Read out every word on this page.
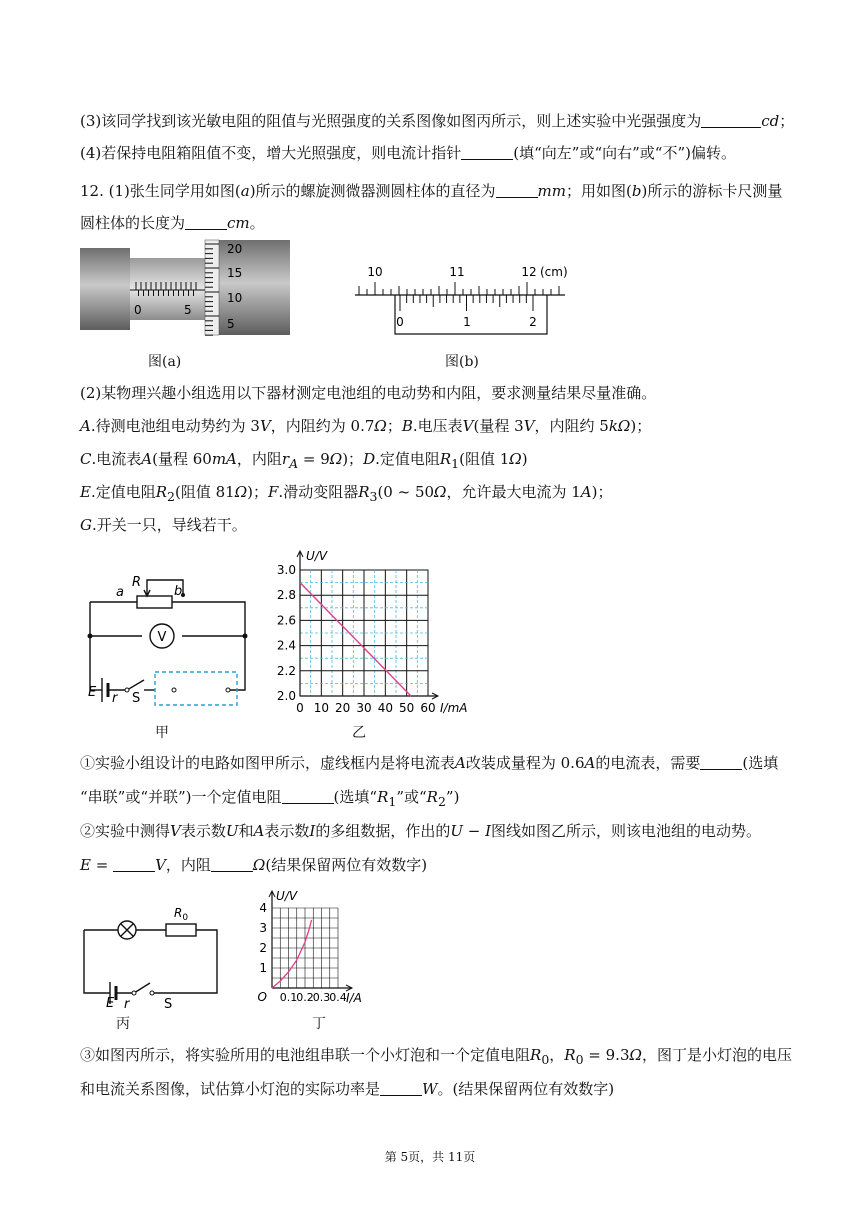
(3)该同学找到该光敏电阻的阻值与光照强度的关系图像如图丙所示，则上述实验中光强强度为	cd；
(4)若保持电阻箱阻值不变，增大光照强度，则电流计指针	(填“向左”或“向右”或“不”)偏转。
12. (1)张生同学用如图(a)所示的螺旋测微器测圆柱体的直径为	mm；用如图(b)所示的游标卡尺测量
圆柱体的长度为	cm。
0	5
20
15
10
5
图(a)
10	11	12 (cm)
0	1	2
图(b)
(2)某物理兴趣小组选用以下器材测定电池组的电动势和内阻，要求测量结果尽量准确。
A.待测电池组电动势约为 3V，内阻约为 0.7Ω；B.电压表V(量程 3V，内阻约 5kΩ)；
C.电流表A(量程 60mA，内阻$r_A = 9\Omega$)；D.定值电阻$R_1$(阻值 1Ω)
E.定值电阻$R_2$(阻值 81Ω)；F.滑动变阻器$R_3(0$ ~ 50Ω，允许最大电流为 1A)；
G.开关一只，导线若干。
a
R
b
V
E r S
甲
2.0
2.2
2.4
2.6
2.8
3.0
0 10 20 30 40 50 60
U/V
I/mA
乙
①实验小组设计的电路如图甲所示，虚线框内是将电流表A改装成量程为 0.6A的电流表，需要	(选填
“串联”或“并联”)一个定值电阻	(选填“$R_1$”或“$R_2$”)
②实验中测得V表示数U和A表示数I的多组数据，作出的U − I图线如图乙所示，则该电池组的电动势。
E =	V，内阻	Ω(结果保留两位有效数字)
$R_0$
E r	S
丙
1
2
3
4
O 0.1 0.2 0.3 0.4
U/V
I/A
丁
③如图丙所示，将实验所用的电池组串联一个小灯泡和一个定值电阻$R_0$，$R_0 = 9.3\Omega$，图丁是小灯泡的电压
和电流关系图像，试估算小灯泡的实际功率是	W。(结果保留两位有效数字)
第 5页，共 11页
